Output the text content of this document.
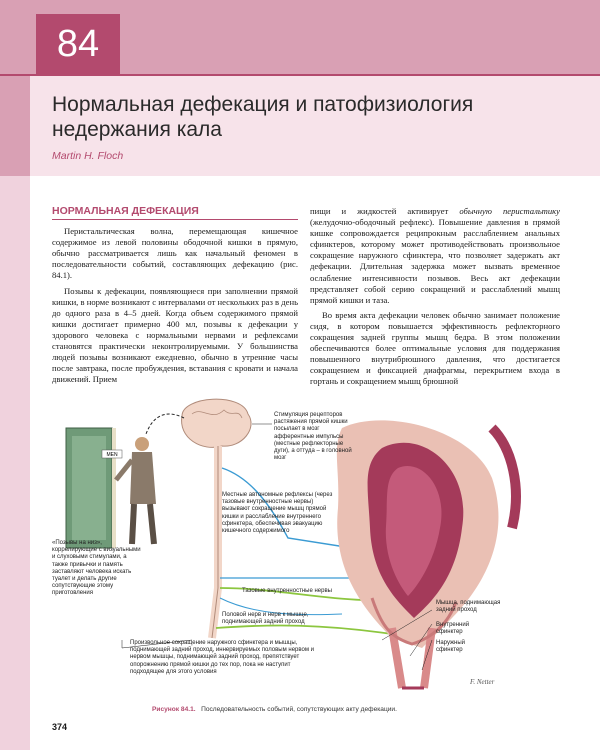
84
Нормальная дефекация и патофизиология недержания кала
Martin H. Floch
НОРМАЛЬНАЯ ДЕФЕКАЦИЯ

Перистальтическая волна, перемещающая кишечное содержимое из левой половины ободочной кишки в прямую, обычно рассматривается лишь как начальный феномен в последовательности событий, составляющих дефекацию (рис. 84.1).

Позывы к дефекации, появляющиеся при заполнении прямой кишки, в норме возникают с интервалами от нескольких раз в день до одного раза в 4–5 дней. Когда объем содержимого прямой кишки достигает примерно 400 мл, позывы к дефекации у здорового человека с нормальными нервами и рефлексами становятся практически неконтролируемыми. У большинства людей позывы возникают ежедневно, обычно в утренние часы после завтрака, после пробуждения, вставания с кровати и начала движений. Прием

пищи и жидкостей активирует обычную перистальтику (желудочно-ободочный рефлекс). Повышение давления в прямой кишке сопровождается реципрокным расслаблением анальных сфинктеров, которому может противодействовать произвольное сокращение наружного сфинктера, что позволяет задержать акт дефекации. Длительная задержка может вызвать временное ослабление интенсивности позывов. Весь акт дефекации представляет собой серию сокращений и расслаблений мышц прямой кишки и таза.

Во время акта дефекации человек обычно занимает положение сидя, в котором повышается эффективность рефлекторного сокращения задней группы мышц бедра. В этом положении обеспечиваются более оптимальные условия для поддержания повышенного внутрибрюшного давления, что достигается сокращением и фиксацией диафрагмы, перекрытием входа в гортань и сокращением мышц брюшной

MEN
F. Netter
«Позывы на низ», коррелирующие с визуальными и слуховыми стимулами, а также привычки и память заставляют человека искать туалет и делать другие сопутствующие этому приготовления
Стимуляция рецепторов растяжения прямой кишки посылает в мозг афферентные импульсы (местные рефлекторные дуги), а оттуда – в головной мозг
Местные автономные рефлексы (через тазовые внутренностные нервы) вызывают сокращение мышц прямой кишки и расслабление внутреннего сфинктера, обеспечивая эвакуацию кишечного содержимого
Тазовые внутренностные нервы
Половой нерв и нерв к мышце, поднимающей задний проход
Произвольное сокращение наружного сфинктера и мышцы, поднимающей задний проход, иннервируемых половым нервом и нервом мышцы, поднимающей задний проход, препятствует опорожнению прямой кишки до тех пор, пока не наступит подходящее для этого условия
Мышца, поднимающая задний проход
Внутренний сфинктер
Наружный сфинктер
Рисунок 84.1. Последовательность событий, сопутствующих акту дефекации.
374
